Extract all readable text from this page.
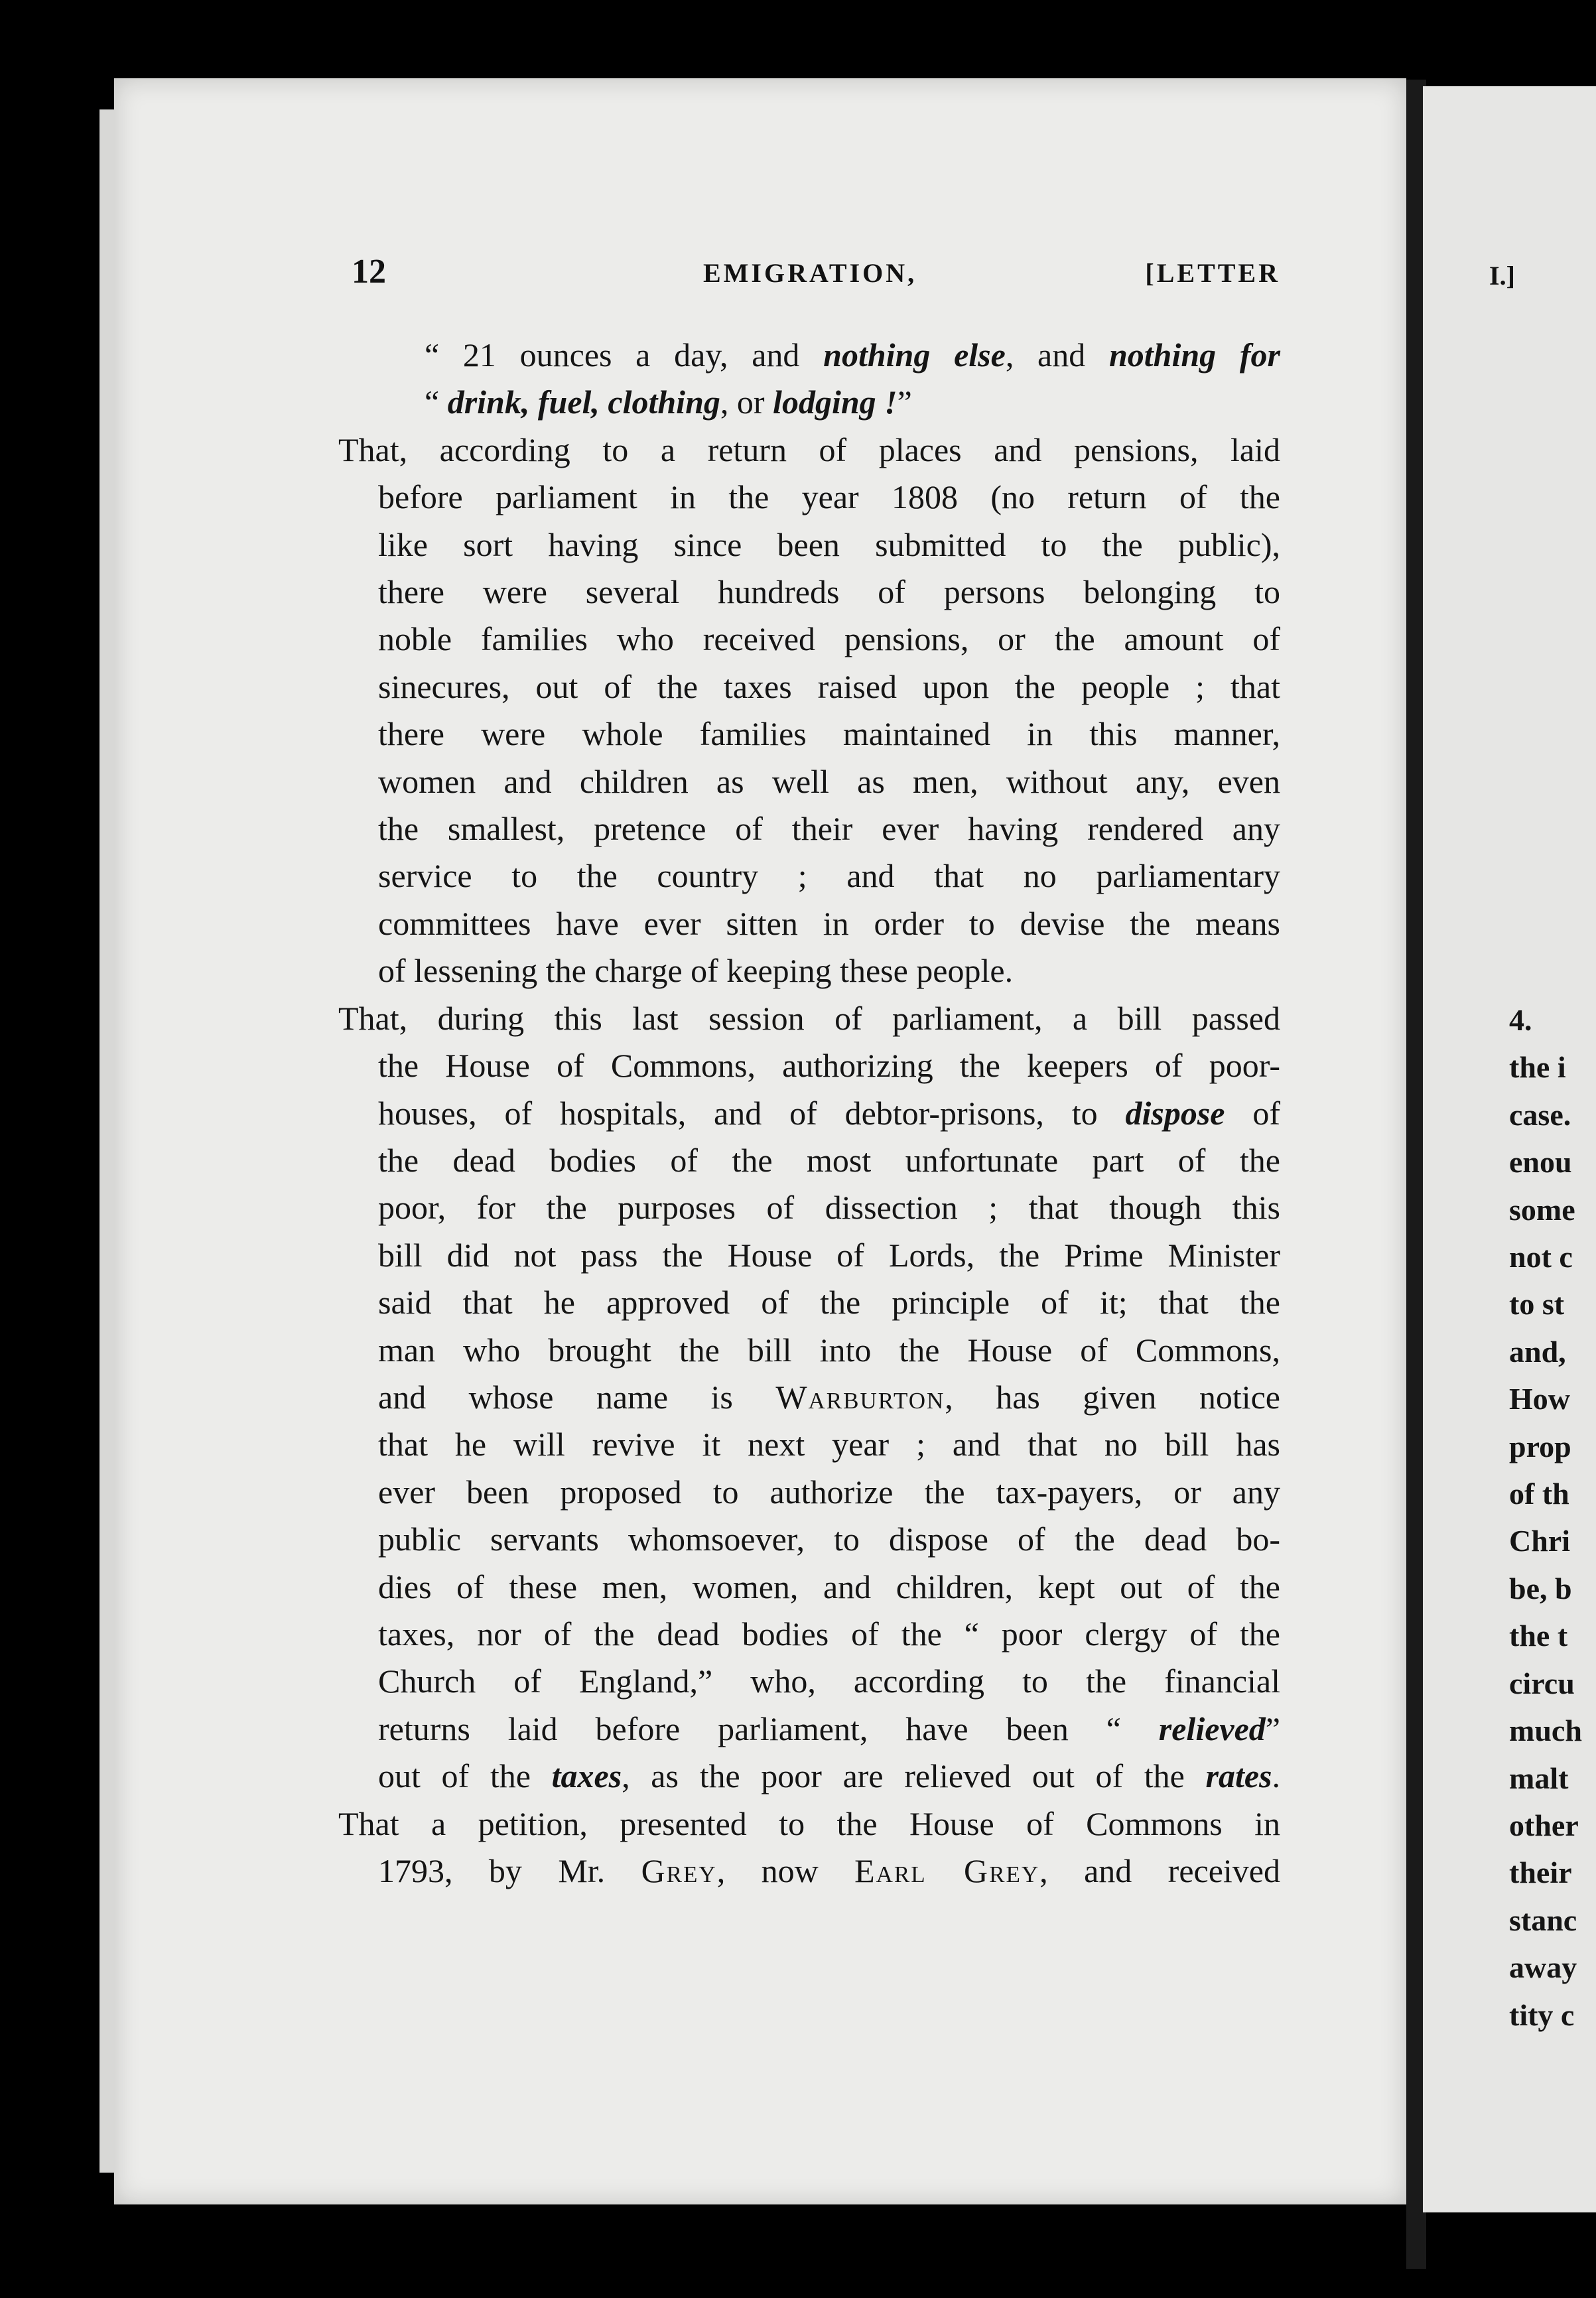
12	EMIGRATION,	[LETTER
“ 21 ounces a day, and nothing else, and nothing for
“ drink, fuel, clothing, or lodging !”
That, according to a return of places and pensions, laid
before parliament in the year 1808 (no return of the
like sort having since been submitted to the public),
there were several hundreds of persons belonging to
noble families who received pensions, or the amount of
sinecures, out of the taxes raised upon the people ; that
there were whole families maintained in this manner,
women and children as well as men, without any, even
the smallest, pretence of their ever having rendered any
service to the country ; and that no parliamentary
committees have ever sitten in order to devise the means
of lessening the charge of keeping these people.
That, during this last session of parliament, a bill passed
the House of Commons, authorizing the keepers of poor-
houses, of hospitals, and of debtor-prisons, to dispose of
the dead bodies of the most unfortunate part of the
poor, for the purposes of dissection ; that though this
bill did not pass the House of Lords, the Prime Minister
said that he approved of the principle of it; that the
man who brought the bill into the House of Commons,
and whose name is Warburton, has given notice
that he will revive it next year ; and that no bill has
ever been proposed to authorize the tax-payers, or any
public servants whomsoever, to dispose of the dead bo-
dies of these men, women, and children, kept out of the
taxes, nor of the dead bodies of the “ poor clergy of the
Church of England,” who, according to the financial
returns laid before parliament, have been “ relieved”
out of the taxes, as the poor are relieved out of the rates.
That a petition, presented to the House of Commons in
1793, by Mr. Grey, now Earl Grey, and received
I.]
4.
the i
case.
enou
some
not c
to st
and,
How
prop
of th
Chri
be, b
the t
circu
much
malt
other
their
stanc
away
tity c
